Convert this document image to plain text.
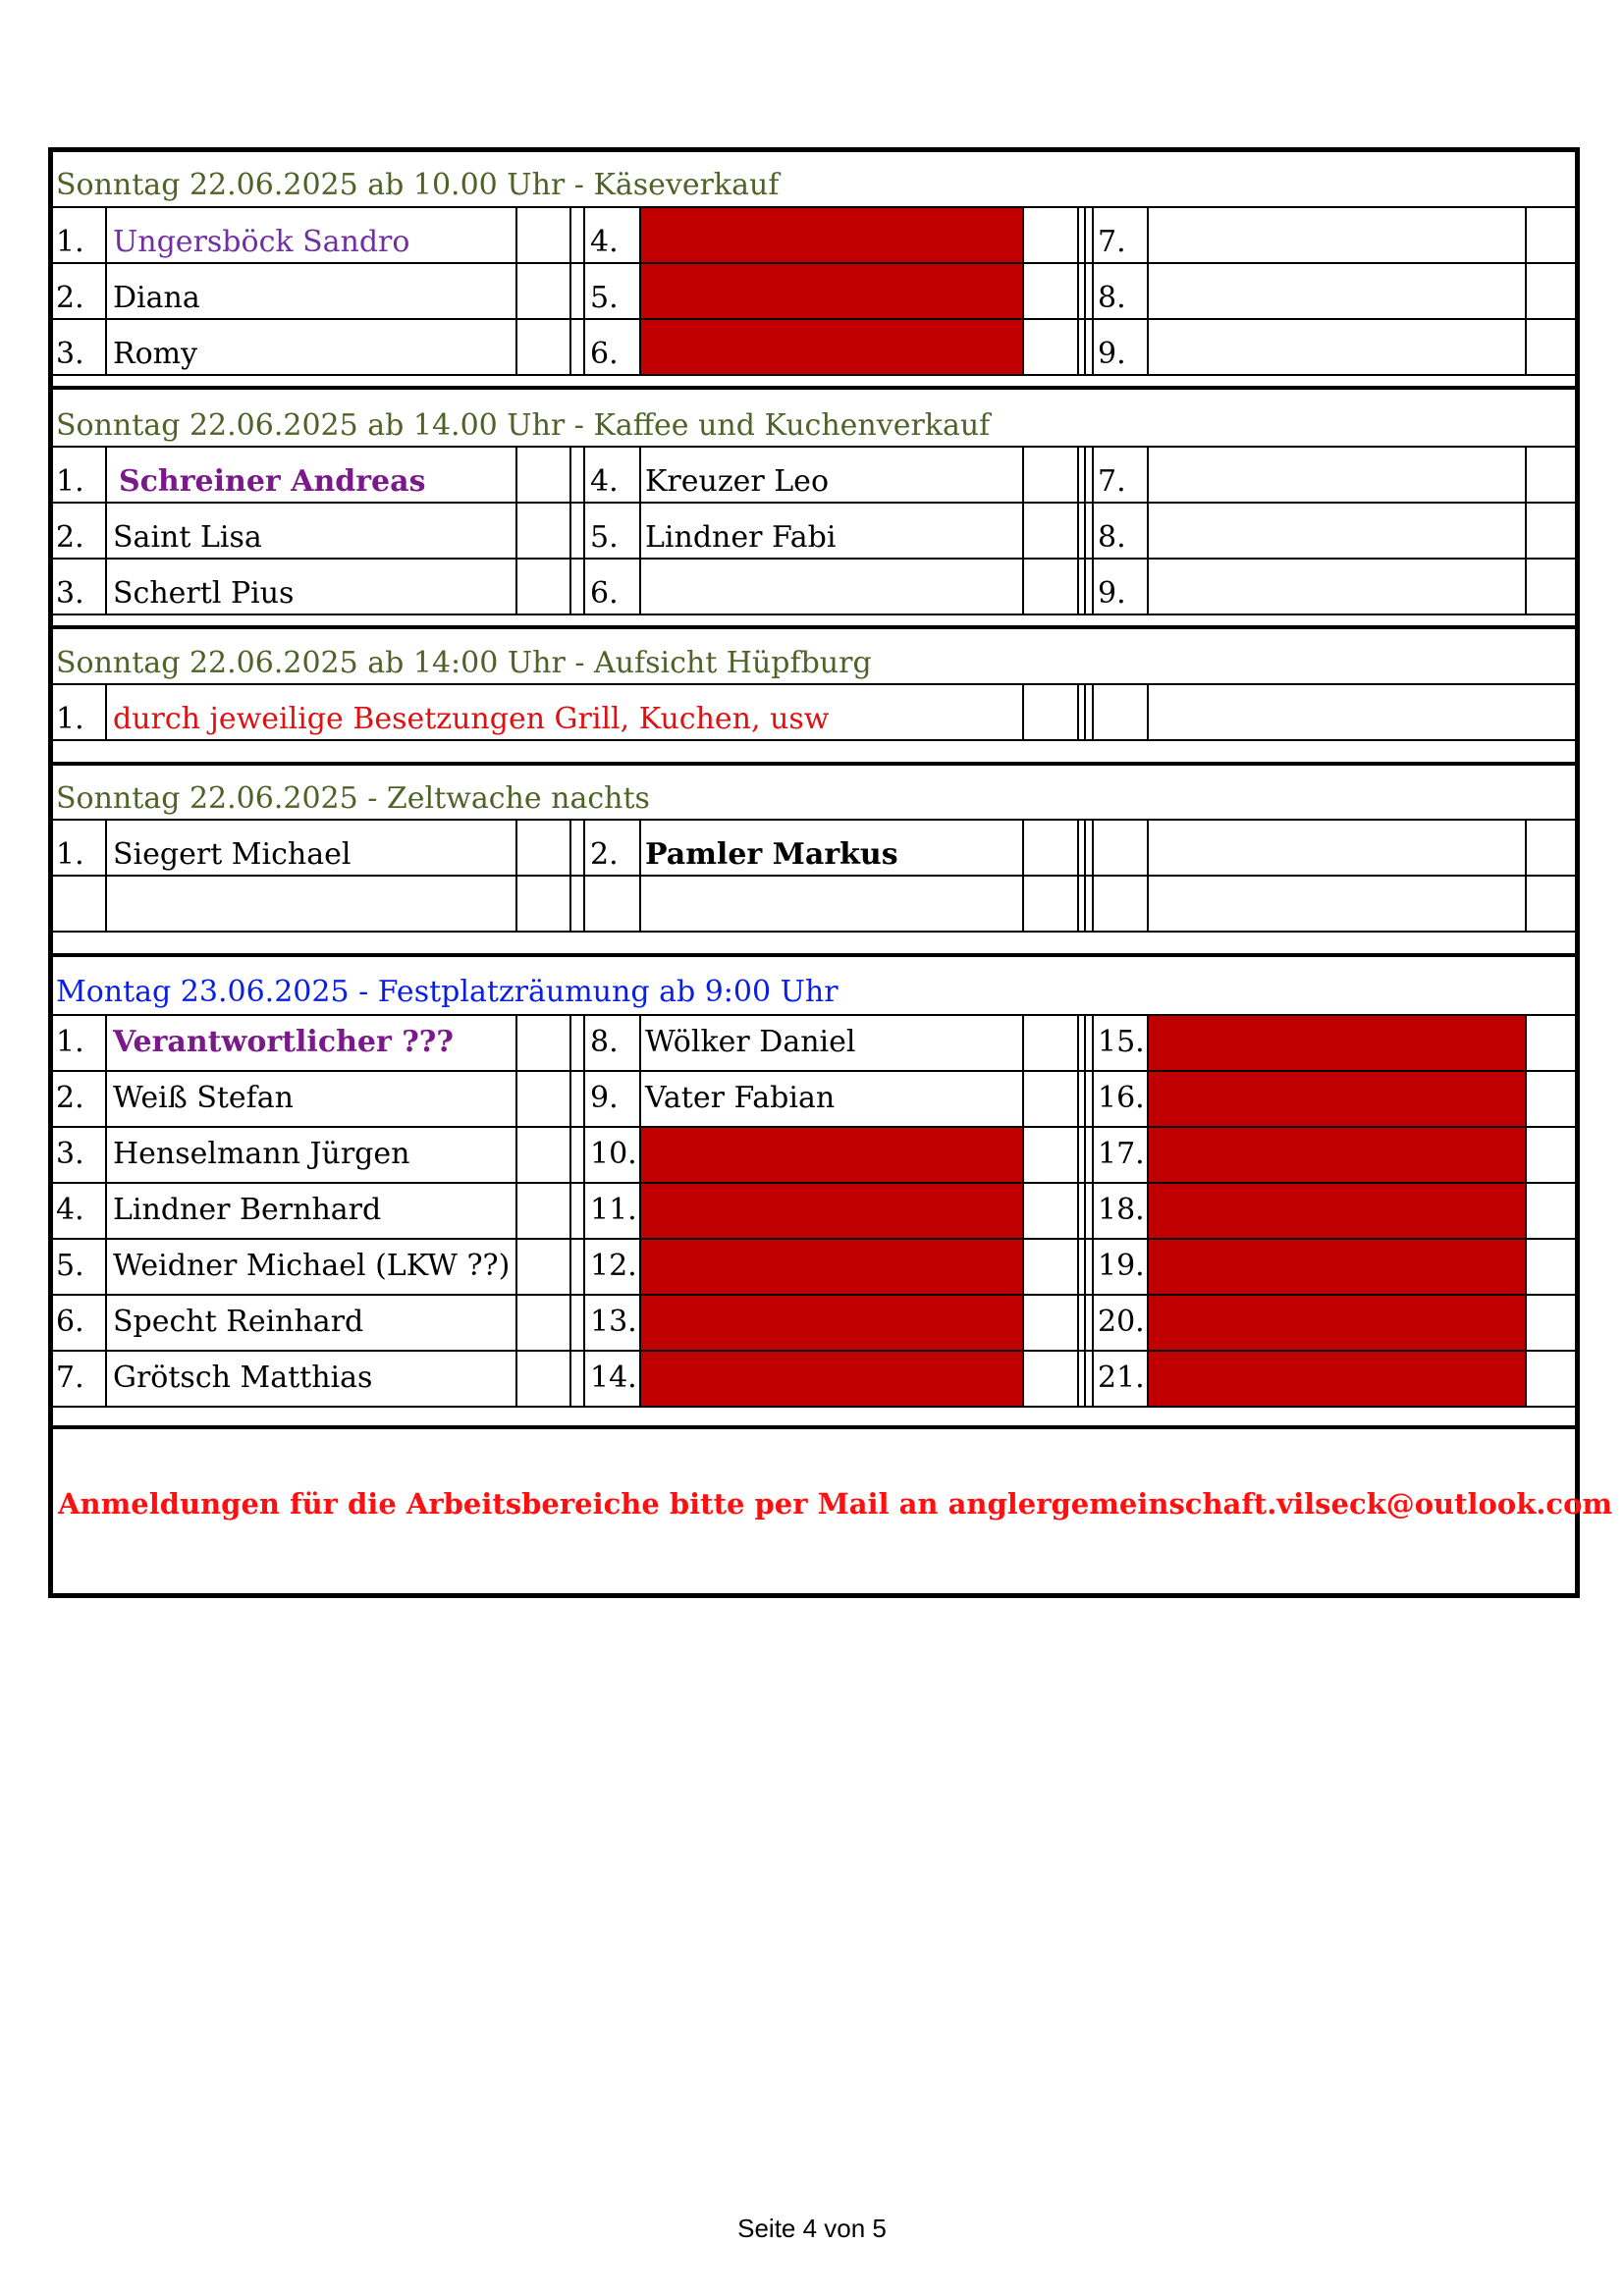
Sonntag 22.06.2025 ab 10.00 Uhr - Käseverkauf
1. Ungersböck Sandro	4.	7.
2. Diana	5.	8.
3. Romy	6.	9.
Sonntag 22.06.2025 ab 14.00 Uhr - Kaffee und Kuchenverkauf
1. Schreiner Andreas	4. Kreuzer Leo	7.
2. Saint Lisa	5. Lindner Fabi	8.
3. Schertl Pius	6.	9.
Sonntag 22.06.2025 ab 14:00 Uhr - Aufsicht Hüpfburg
1. durch jeweilige Besetzungen Grill, Kuchen, usw
Sonntag 22.06.2025 - Zeltwache nachts
1. Siegert Michael	2. Pamler Markus
Montag 23.06.2025 - Festplatzräumung ab 9:00 Uhr
1. Verantwortlicher ???	8. Wölker Daniel	15.
2. Weiß Stefan	9. Vater Fabian	16.
3. Henselmann Jürgen	10.	17.
4. Lindner Bernhard	11.	18.
5. Weidner Michael (LKW ??)	12.	19.
6. Specht Reinhard	13.	20.
7. Grötsch Matthias	14.	21.
Anmeldungen für die Arbeitsbereiche bitte per Mail an anglergemeinschaft.vilseck@outlook.com
Seite 4 von 5
